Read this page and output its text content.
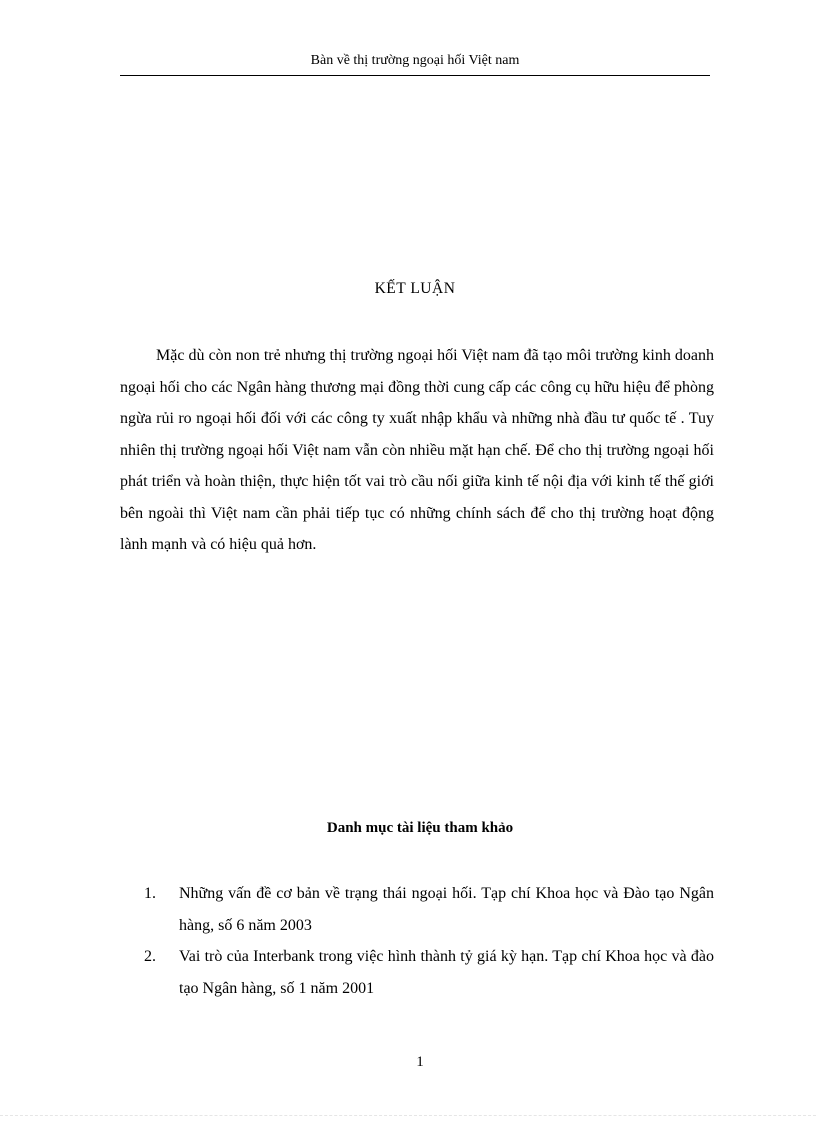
Bàn về thị trường ngoại hối Việt nam
KẾT LUẬN

Mặc dù còn non trẻ nhưng thị trường ngoại hối Việt nam đã tạo môi trường kinh doanh ngoại hối cho các Ngân hàng thương mại đồng thời cung cấp các công cụ hữu hiệu để phòng ngừa rủi ro ngoại hối đối với các công ty xuất nhập khẩu và những nhà đầu tư quốc tế . Tuy nhiên thị trường ngoại hối Việt nam vẫn còn nhiều mặt hạn chế. Để cho thị trường ngoại hối phát triển và hoàn thiện, thực hiện tốt vai trò cầu nối giữa kinh tế nội địa với kinh tế thế giới bên ngoài thì Việt nam cần phải tiếp tục có những chính sách để cho thị trường hoạt động lành mạnh và có hiệu quả hơn.

Danh mục tài liệu tham khảo
1. Những vấn đề cơ bản về trạng thái ngoại hối. Tạp chí Khoa học và Đào tạo Ngân hàng, số 6 năm 2003
2. Vai trò của Interbank trong việc hình thành tỷ giá kỳ hạn. Tạp chí Khoa học và đào tạo Ngân hàng, số 1 năm 2001
1
